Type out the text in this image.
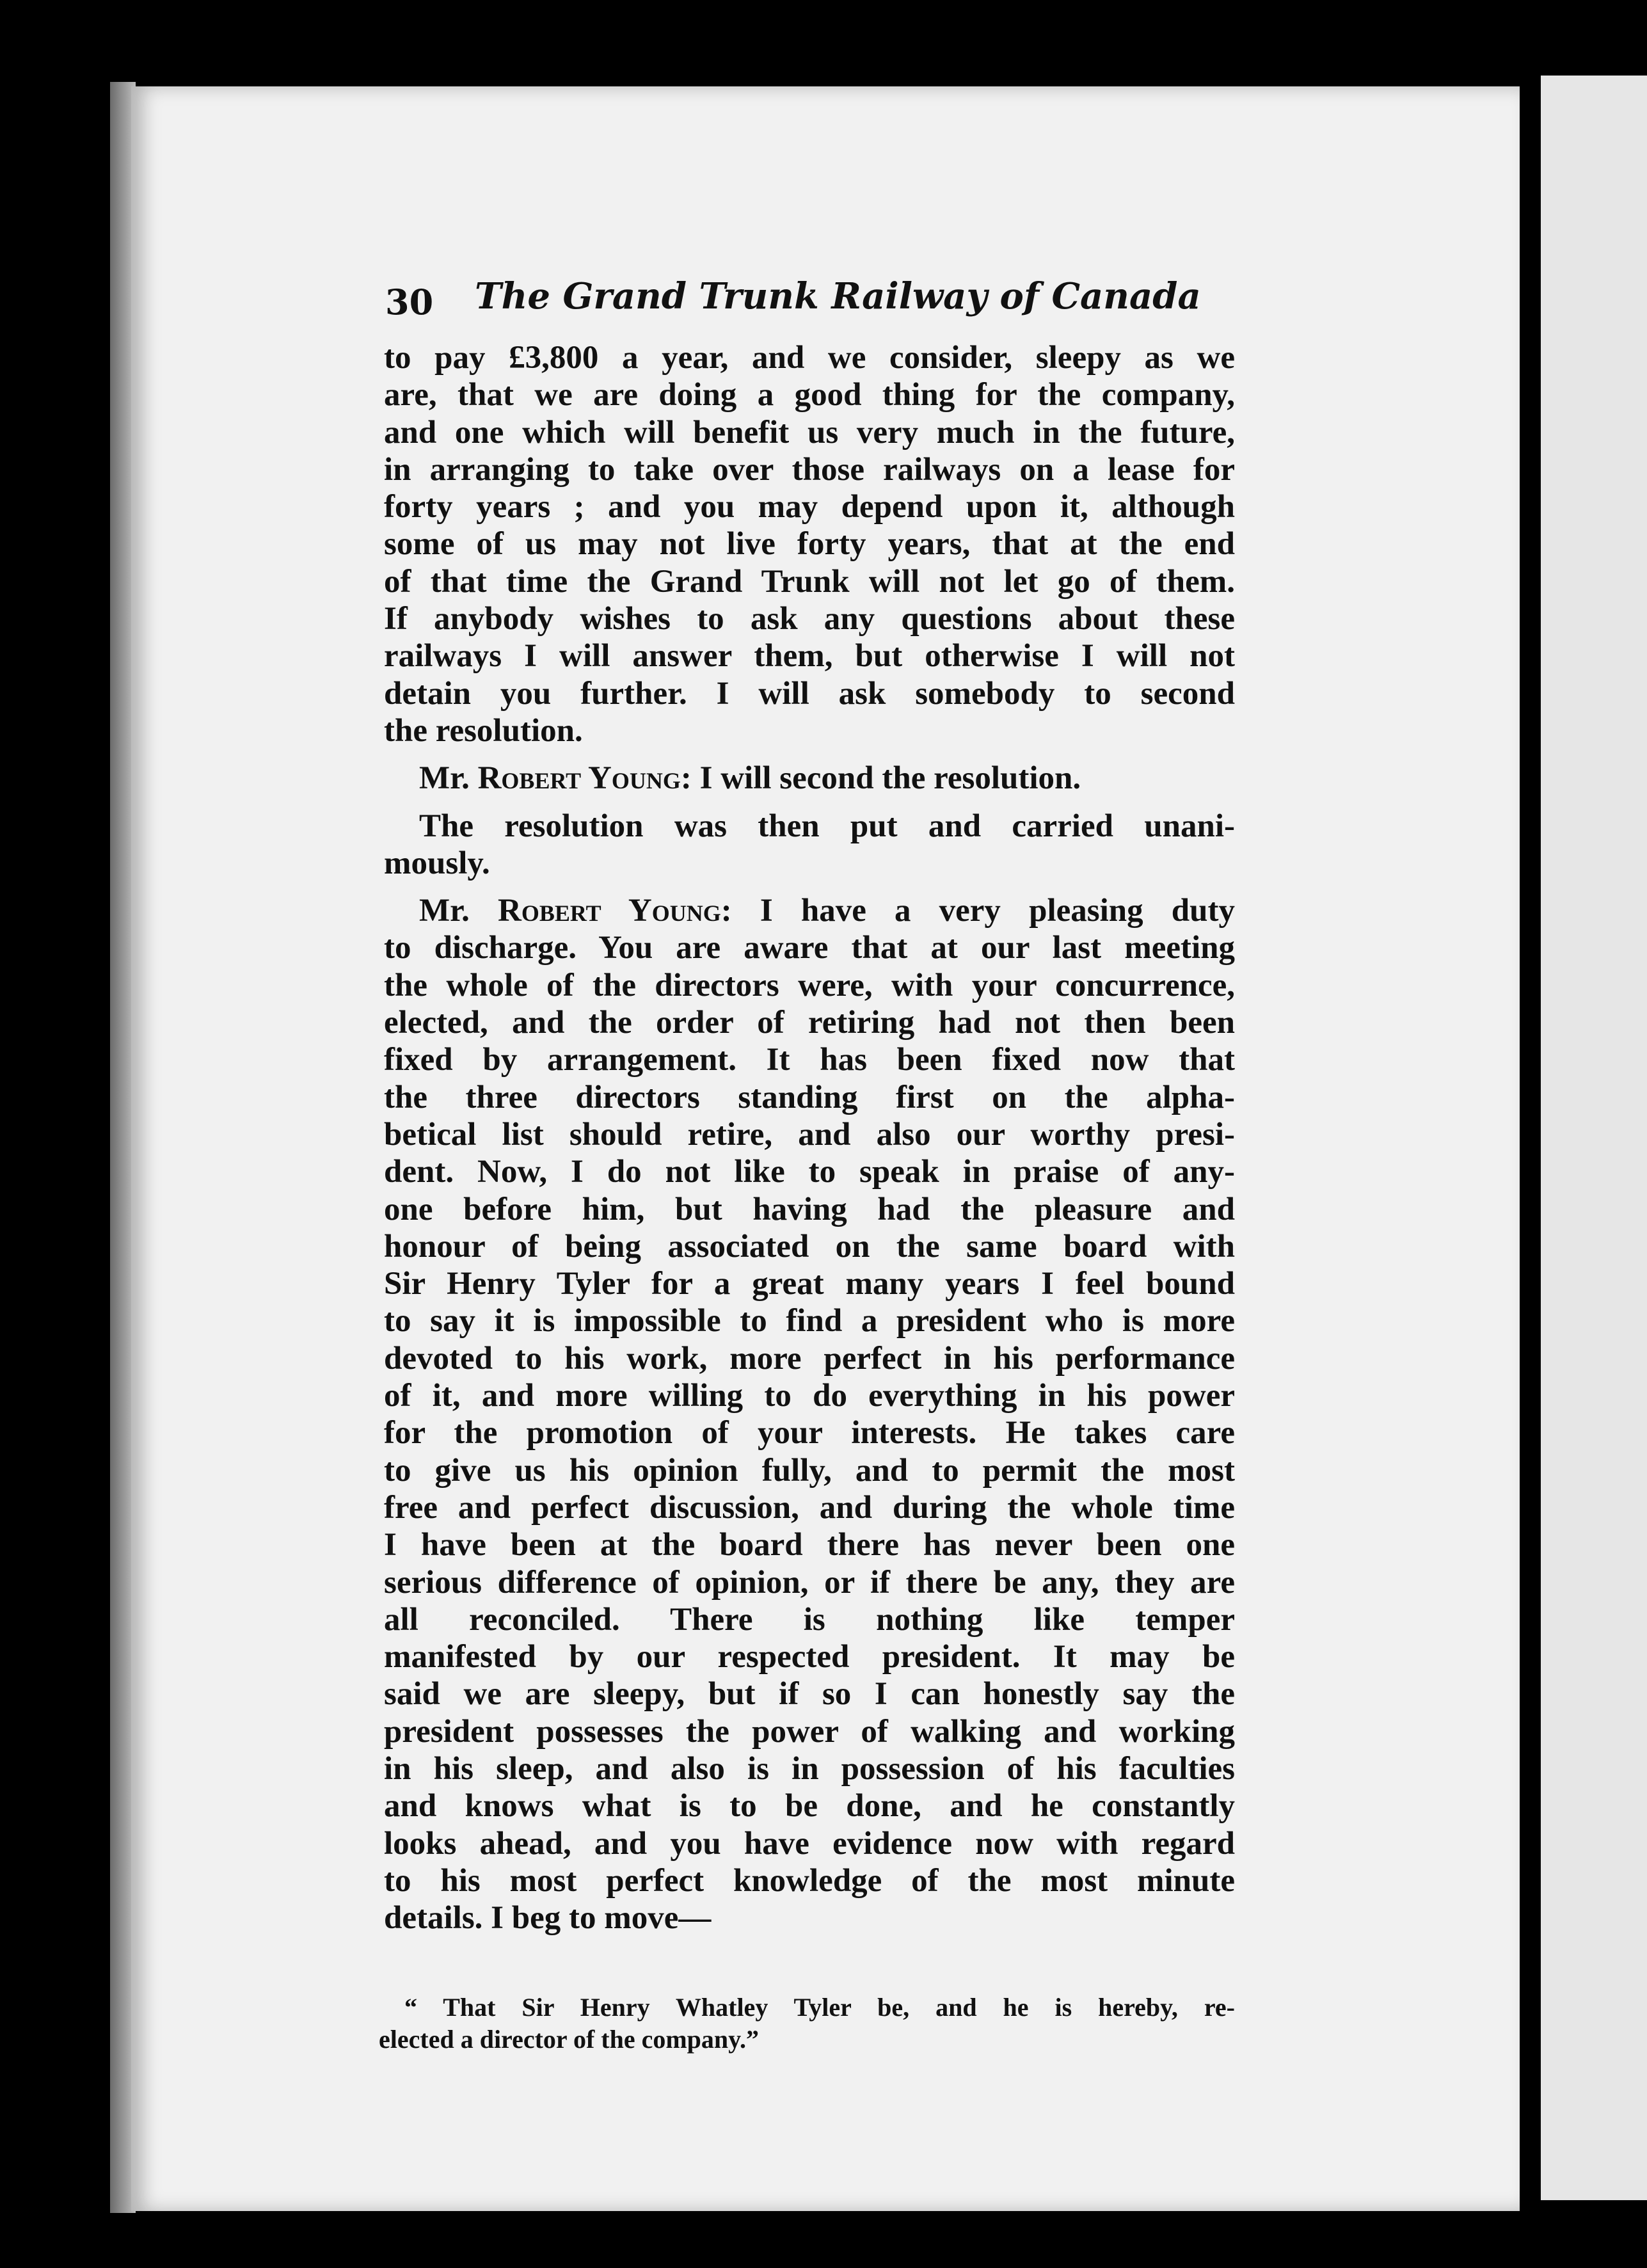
30 The Grand Trunk Railway of Canada
to pay £3,800 a year, and we consider, sleepy as we
are, that we are doing a good thing for the company,
and one which will benefit us very much in the future,
in arranging to take over those railways on a lease for
forty years ; and you may depend upon it, although
some of us may not live forty years, that at the end
of that time the Grand Trunk will not let go of them.
If anybody wishes to ask any questions about these
railways I will answer them, but otherwise I will not
detain you further. I will ask somebody to second
the resolution.
Mr. Robert Young: I will second the resolution.
The resolution was then put and carried unani-
mously.
Mr. Robert Young: I have a very pleasing duty
to discharge. You are aware that at our last meeting
the whole of the directors were, with your concurrence,
elected, and the order of retiring had not then been
fixed by arrangement. It has been fixed now that
the three directors standing first on the alpha-
betical list should retire, and also our worthy presi-
dent. Now, I do not like to speak in praise of any-
one before him, but having had the pleasure and
honour of being associated on the same board with
Sir Henry Tyler for a great many years I feel bound
to say it is impossible to find a president who is more
devoted to his work, more perfect in his performance
of it, and more willing to do everything in his power
for the promotion of your interests. He takes care
to give us his opinion fully, and to permit the most
free and perfect discussion, and during the whole time
I have been at the board there has never been one
serious difference of opinion, or if there be any, they are
all reconciled. There is nothing like temper
manifested by our respected president. It may be
said we are sleepy, but if so I can honestly say the
president possesses the power of walking and working
in his sleep, and also is in possession of his faculties
and knows what is to be done, and he constantly
looks ahead, and you have evidence now with regard
to his most perfect knowledge of the most minute
details. I beg to move—
“ That Sir Henry Whatley Tyler be, and he is hereby, re-
elected a director of the company.”
